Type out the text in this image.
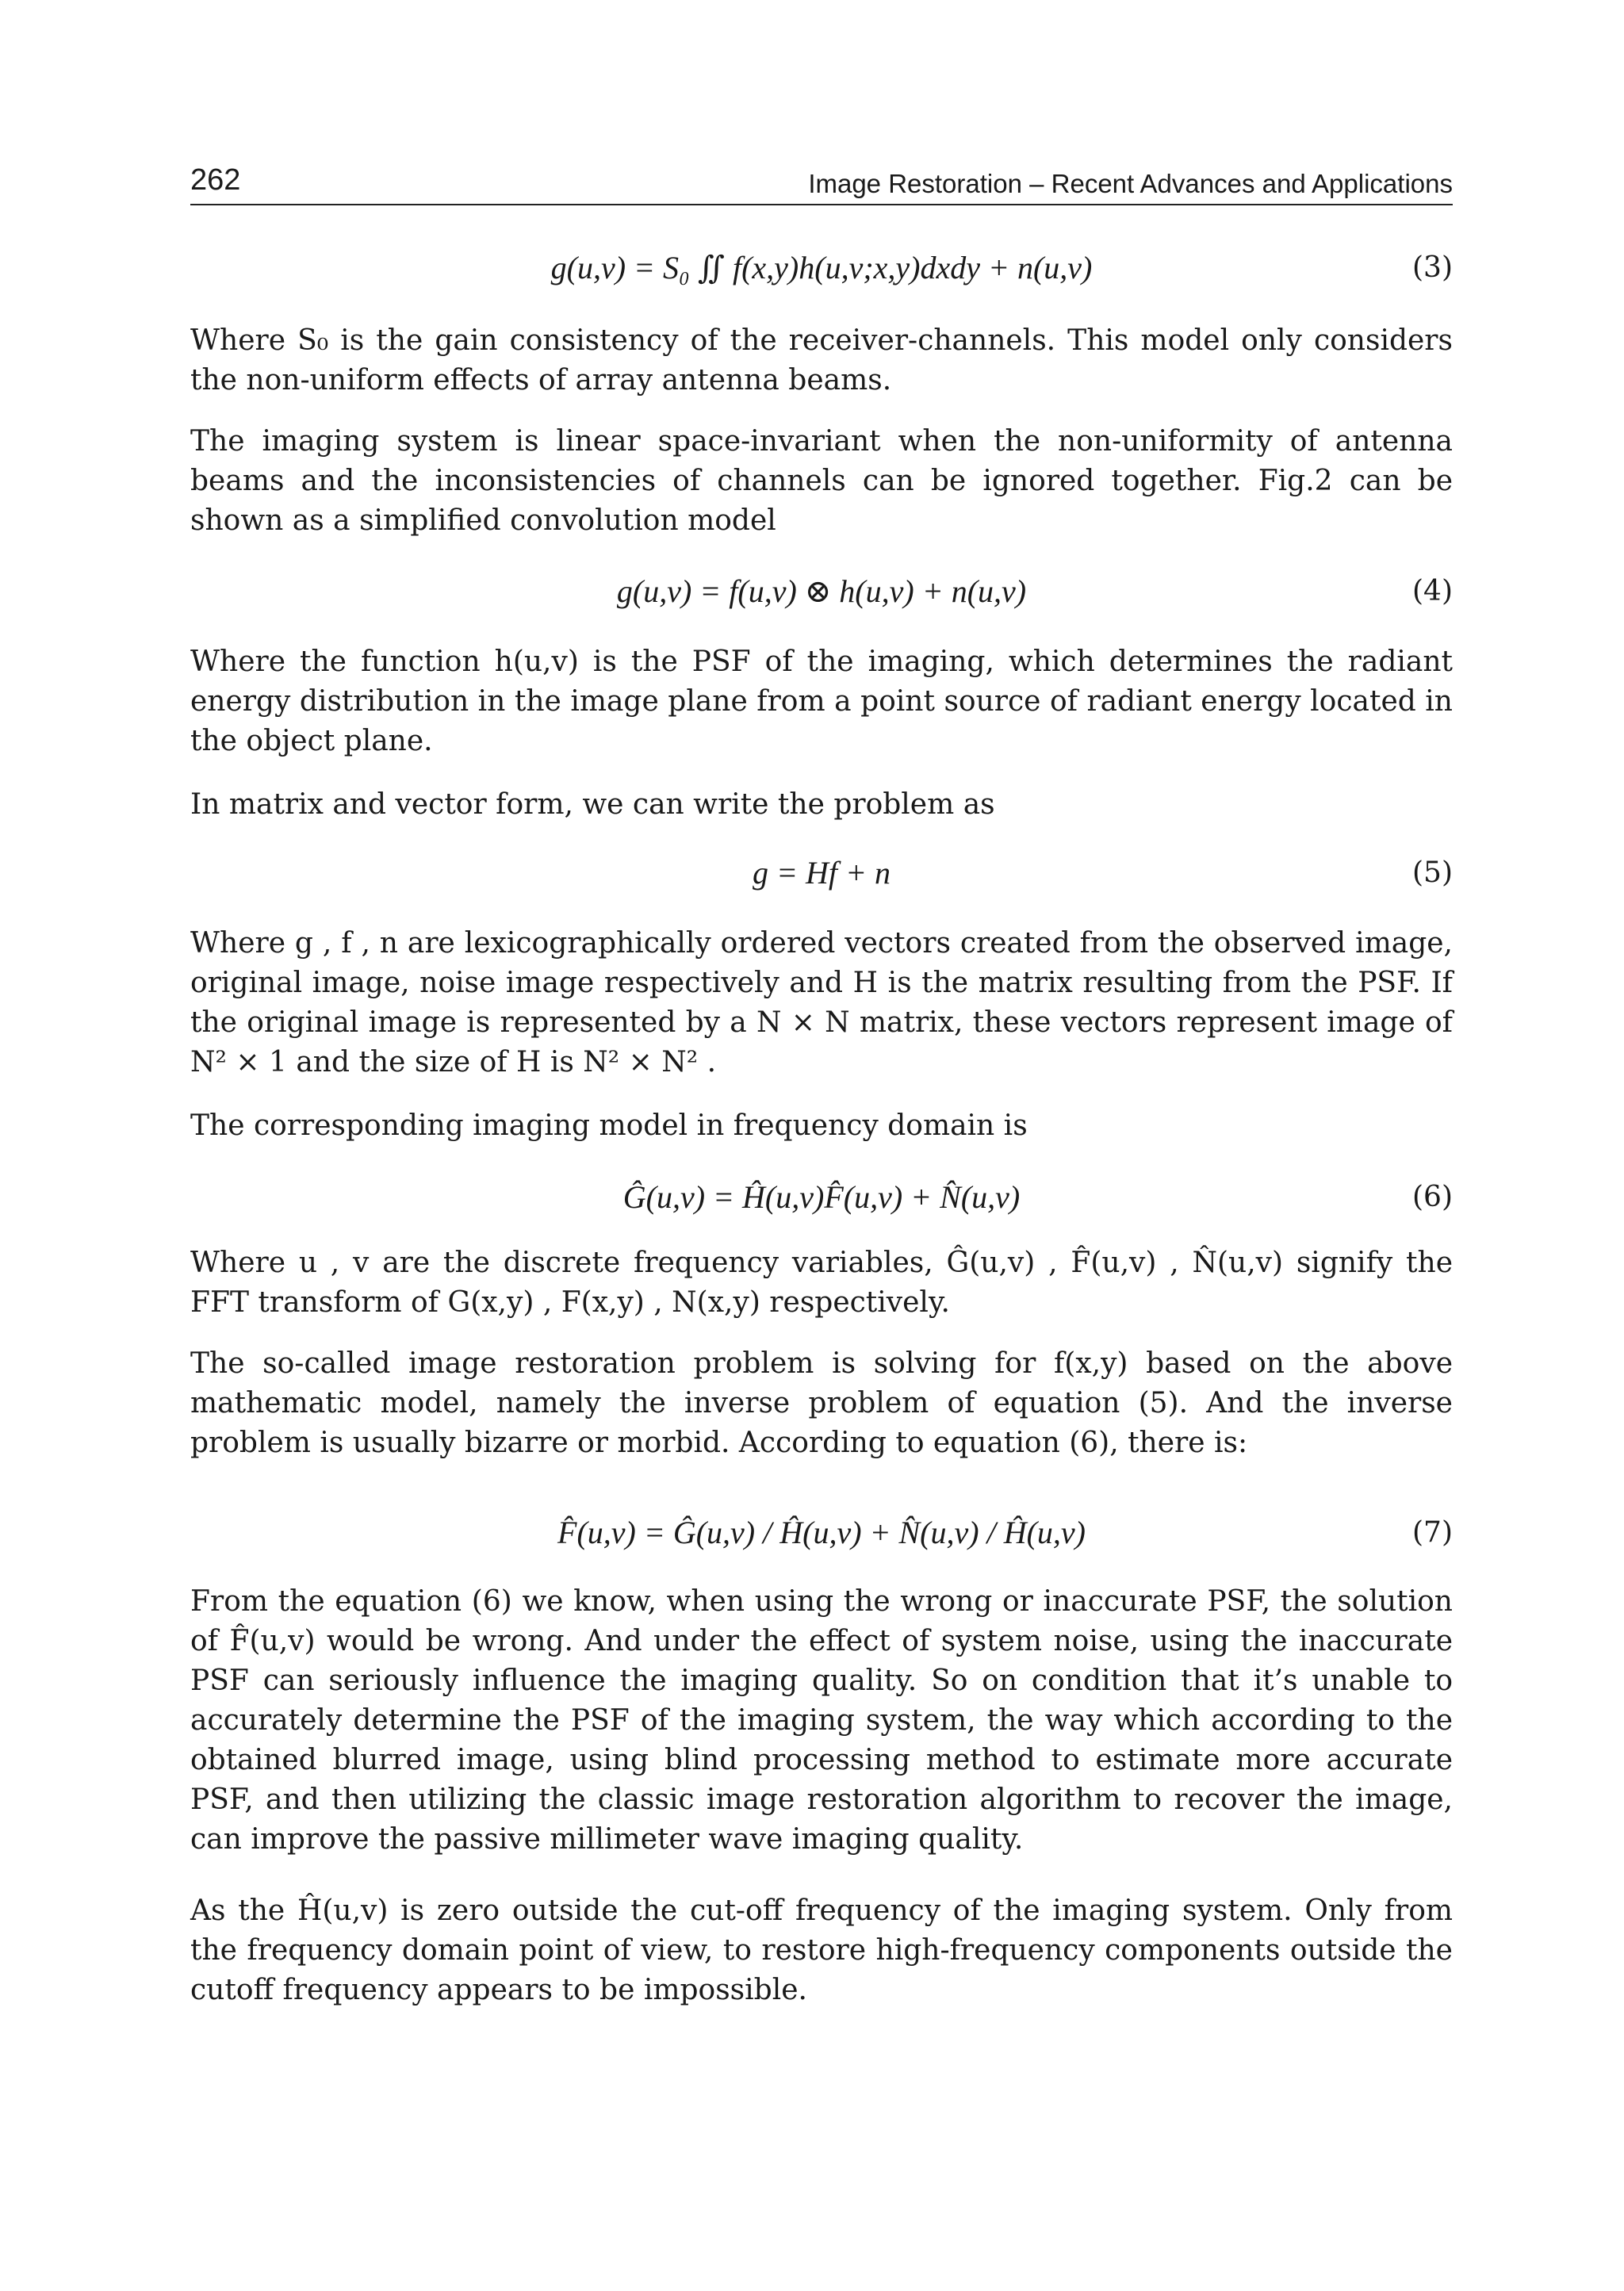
262	Image Restoration – Recent Advances and Applications
g(u,v) = S₀ ∬ f(x,y)h(u,v;x,y)dxdy + n(u,v)	(3)

Where S₀ is the gain consistency of the receiver-channels. This model only considers the non-uniform effects of array antenna beams.

The imaging system is linear space-invariant when the non-uniformity of antenna beams and the inconsistencies of channels can be ignored together. Fig.2 can be shown as a simplified convolution model

g(u,v) = f(u,v) ⊗ h(u,v) + n(u,v)	(4)

Where the function h(u,v) is the PSF of the imaging, which determines the radiant energy distribution in the image plane from a point source of radiant energy located in the object plane.

In matrix and vector form, we can write the problem as

g = Hf + n	(5)

Where g , f , n are lexicographically ordered vectors created from the observed image, original image, noise image respectively and H is the matrix resulting from the PSF. If the original image is represented by a N × N matrix, these vectors represent image of N² × 1 and the size of H is N² × N² .

The corresponding imaging model in frequency domain is

Ĝ(u,v) = Ĥ(u,v)F̂(u,v) + N̂(u,v)	(6)

Where u , v are the discrete frequency variables, Ĝ(u,v) , F̂(u,v) , N̂(u,v) signify the FFT transform of G(x,y) , F(x,y) , N(x,y) respectively.

The so-called image restoration problem is solving for f(x,y) based on the above mathematic model, namely the inverse problem of equation (5). And the inverse problem is usually bizarre or morbid. According to equation (6), there is:

F̂(u,v) = Ĝ(u,v) / Ĥ(u,v) + N̂(u,v) / Ĥ(u,v)	(7)

From the equation (6) we know, when using the wrong or inaccurate PSF, the solution of F̂(u,v) would be wrong. And under the effect of system noise, using the inaccurate PSF can seriously influence the imaging quality. So on condition that it’s unable to accurately determine the PSF of the imaging system, the way which according to the obtained blurred image, using blind processing method to estimate more accurate PSF, and then utilizing the classic image restoration algorithm to recover the image, can improve the passive millimeter wave imaging quality.

As the Ĥ(u,v) is zero outside the cut-off frequency of the imaging system. Only from the frequency domain point of view, to restore high-frequency components outside the cutoff frequency appears to be impossible.
